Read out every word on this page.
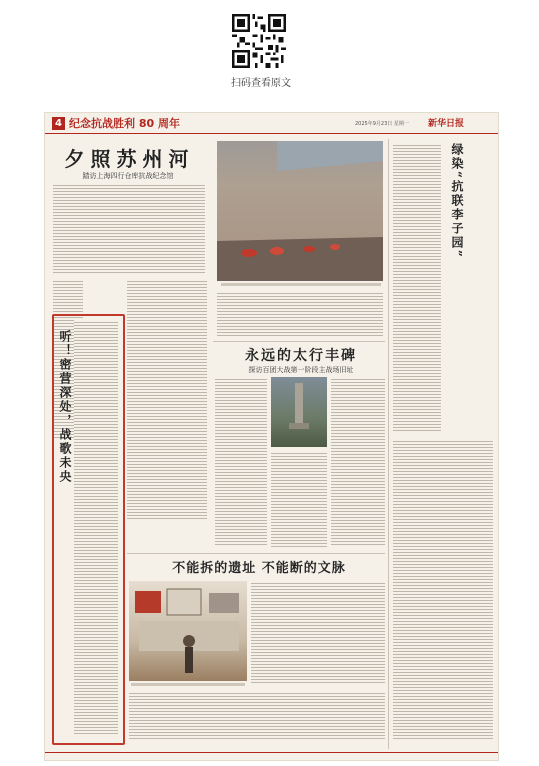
扫码查看原文
4 纪念抗战胜利 80 周年	2025年9月23日 星期一 新华日报
夕照苏州河
踏访上海四行仓库抗战纪念馆
听！密营深处，战歌未央
绿染“抗联李子园”
永远的太行丰碑
探访百团大战第一阶段主战场旧址
不能拆的遗址 不能断的文脉
